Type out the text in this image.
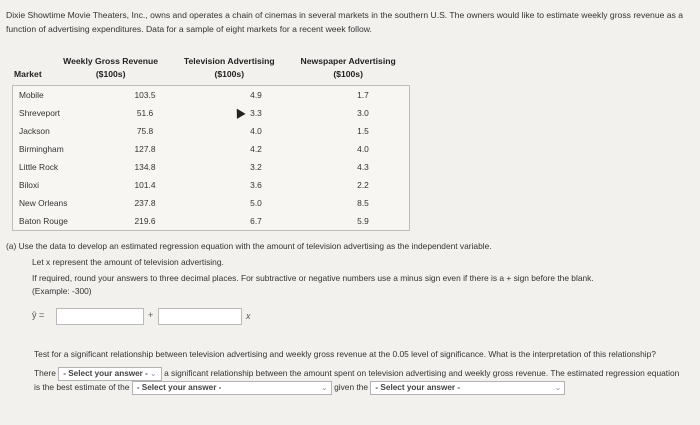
Dixie Showtime Movie Theaters, Inc., owns and operates a chain of cinemas in several markets in the southern U.S. The owners would like to estimate weekly gross revenue as a function of advertising expenditures. Data for a sample of eight markets for a recent week follow.
	Weekly Gross Revenue	Television Advertising	Newspaper Advertising
Market	($100s)	($100s)	($100s)
Mobile	103.5	4.9	1.7
Shreveport	51.6	3.3	3.0
Jackson	75.8	4.0	1.5
Birmingham	127.8	4.2	4.0
Little Rock	134.8	3.2	4.3
Biloxi	101.4	3.6	2.2
New Orleans	237.8	5.0	8.5
Baton Rouge	219.6	6.7	5.9
(a) Use the data to develop an estimated regression equation with the amount of television advertising as the independent variable.
Let x represent the amount of television advertising.
If required, round your answers to three decimal places. For subtractive or negative numbers use a minus sign even if there is a + sign before the blank.
(Example: -300)
ŷ =	+	x
Test for a significant relationship between television advertising and weekly gross revenue at the 0.05 level of significance. What is the interpretation of this relationship?
There - Select your answer - ⌄ a significant relationship between the amount spent on television advertising and weekly gross revenue. The estimated regression equation is the best estimate of the - Select your answer -	⌄ given the - Select your answer -	⌄
